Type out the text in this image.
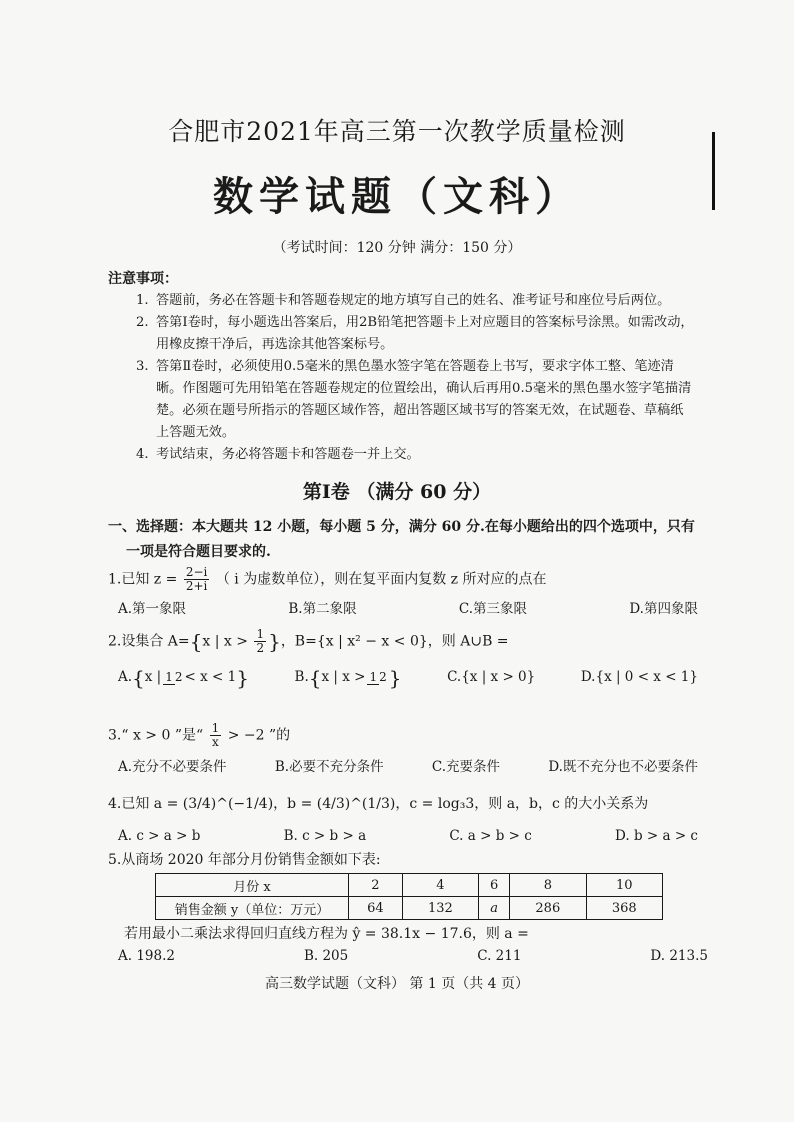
合肥市2021年高三第一次教学质量检测
数学试题（文科）
（考试时间：120 分钟 满分：150 分）
注意事项：
1. 答题前，务必在答题卡和答题卷规定的地方填写自己的姓名、准考证号和座位号后两位。
2. 答第Ⅰ卷时，每小题选出答案后，用2B铅笔把答题卡上对应题目的答案标号涂黑。如需改动，用橡皮擦干净后，再选涂其他答案标号。
3. 答第Ⅱ卷时，必须使用0.5毫米的黑色墨水签字笔在答题卷上书写，要求字体工整、笔迹清晰。作图题可先用铅笔在答题卷规定的位置绘出，确认后再用0.5毫米的黑色墨水签字笔描清楚。必须在题号所指示的答题区域作答，超出答题区域书写的答案无效，在试题卷、草稿纸上答题无效。
4. 考试结束，务必将答题卡和答题卷一并上交。
第Ⅰ卷 （满分 60 分）
一、选择题：本大题共 12 小题，每小题 5 分，满分 60 分.在每小题给出的四个选项中，只有
一项是符合题目要求的.
1.已知 $z = \frac{2-i}{2+i}$ （ i 为虚数单位），则在复平面内复数 z 所对应的点在
A.第一象限	B.第二象限	C.第三象限	D.第四象限
2.设集合 A={x | $x > \frac{1}{2}$ }，B={x | x² − x < 0}，则 A∪B =
A.{x | 1 2 < x < 1}	B.{x | x > 1 2 }	C.{x | x > 0}	D.{x | 0 < x < 1}
3.“ x > 0 ”是“ $\frac{1}{x} > -2$ ”的
A.充分不必要条件	B.必要不充分条件	C.充要条件	D.既不充分也不必要条件
4.已知 a = (3/4)^(−1/4)，b = (4/3)^(1/3)，c = log₃3，则 a，b，c 的大小关系为
A. c > a > b	B. c > b > a	C. a > b > c	D. b > a > c
5.从商场 2020 年部分月份销售金额如下表:
月份 x	2	4	6	8	10
销售金额 y（单位：万元）	64	132	a	286	368
若用最小二乘法求得回归直线方程为 ŷ = 38.1x − 17.6，则 a =
A. 198.2	B. 205	C. 211	D. 213.5
高三数学试题（文科） 第 1 页（共 4 页）
